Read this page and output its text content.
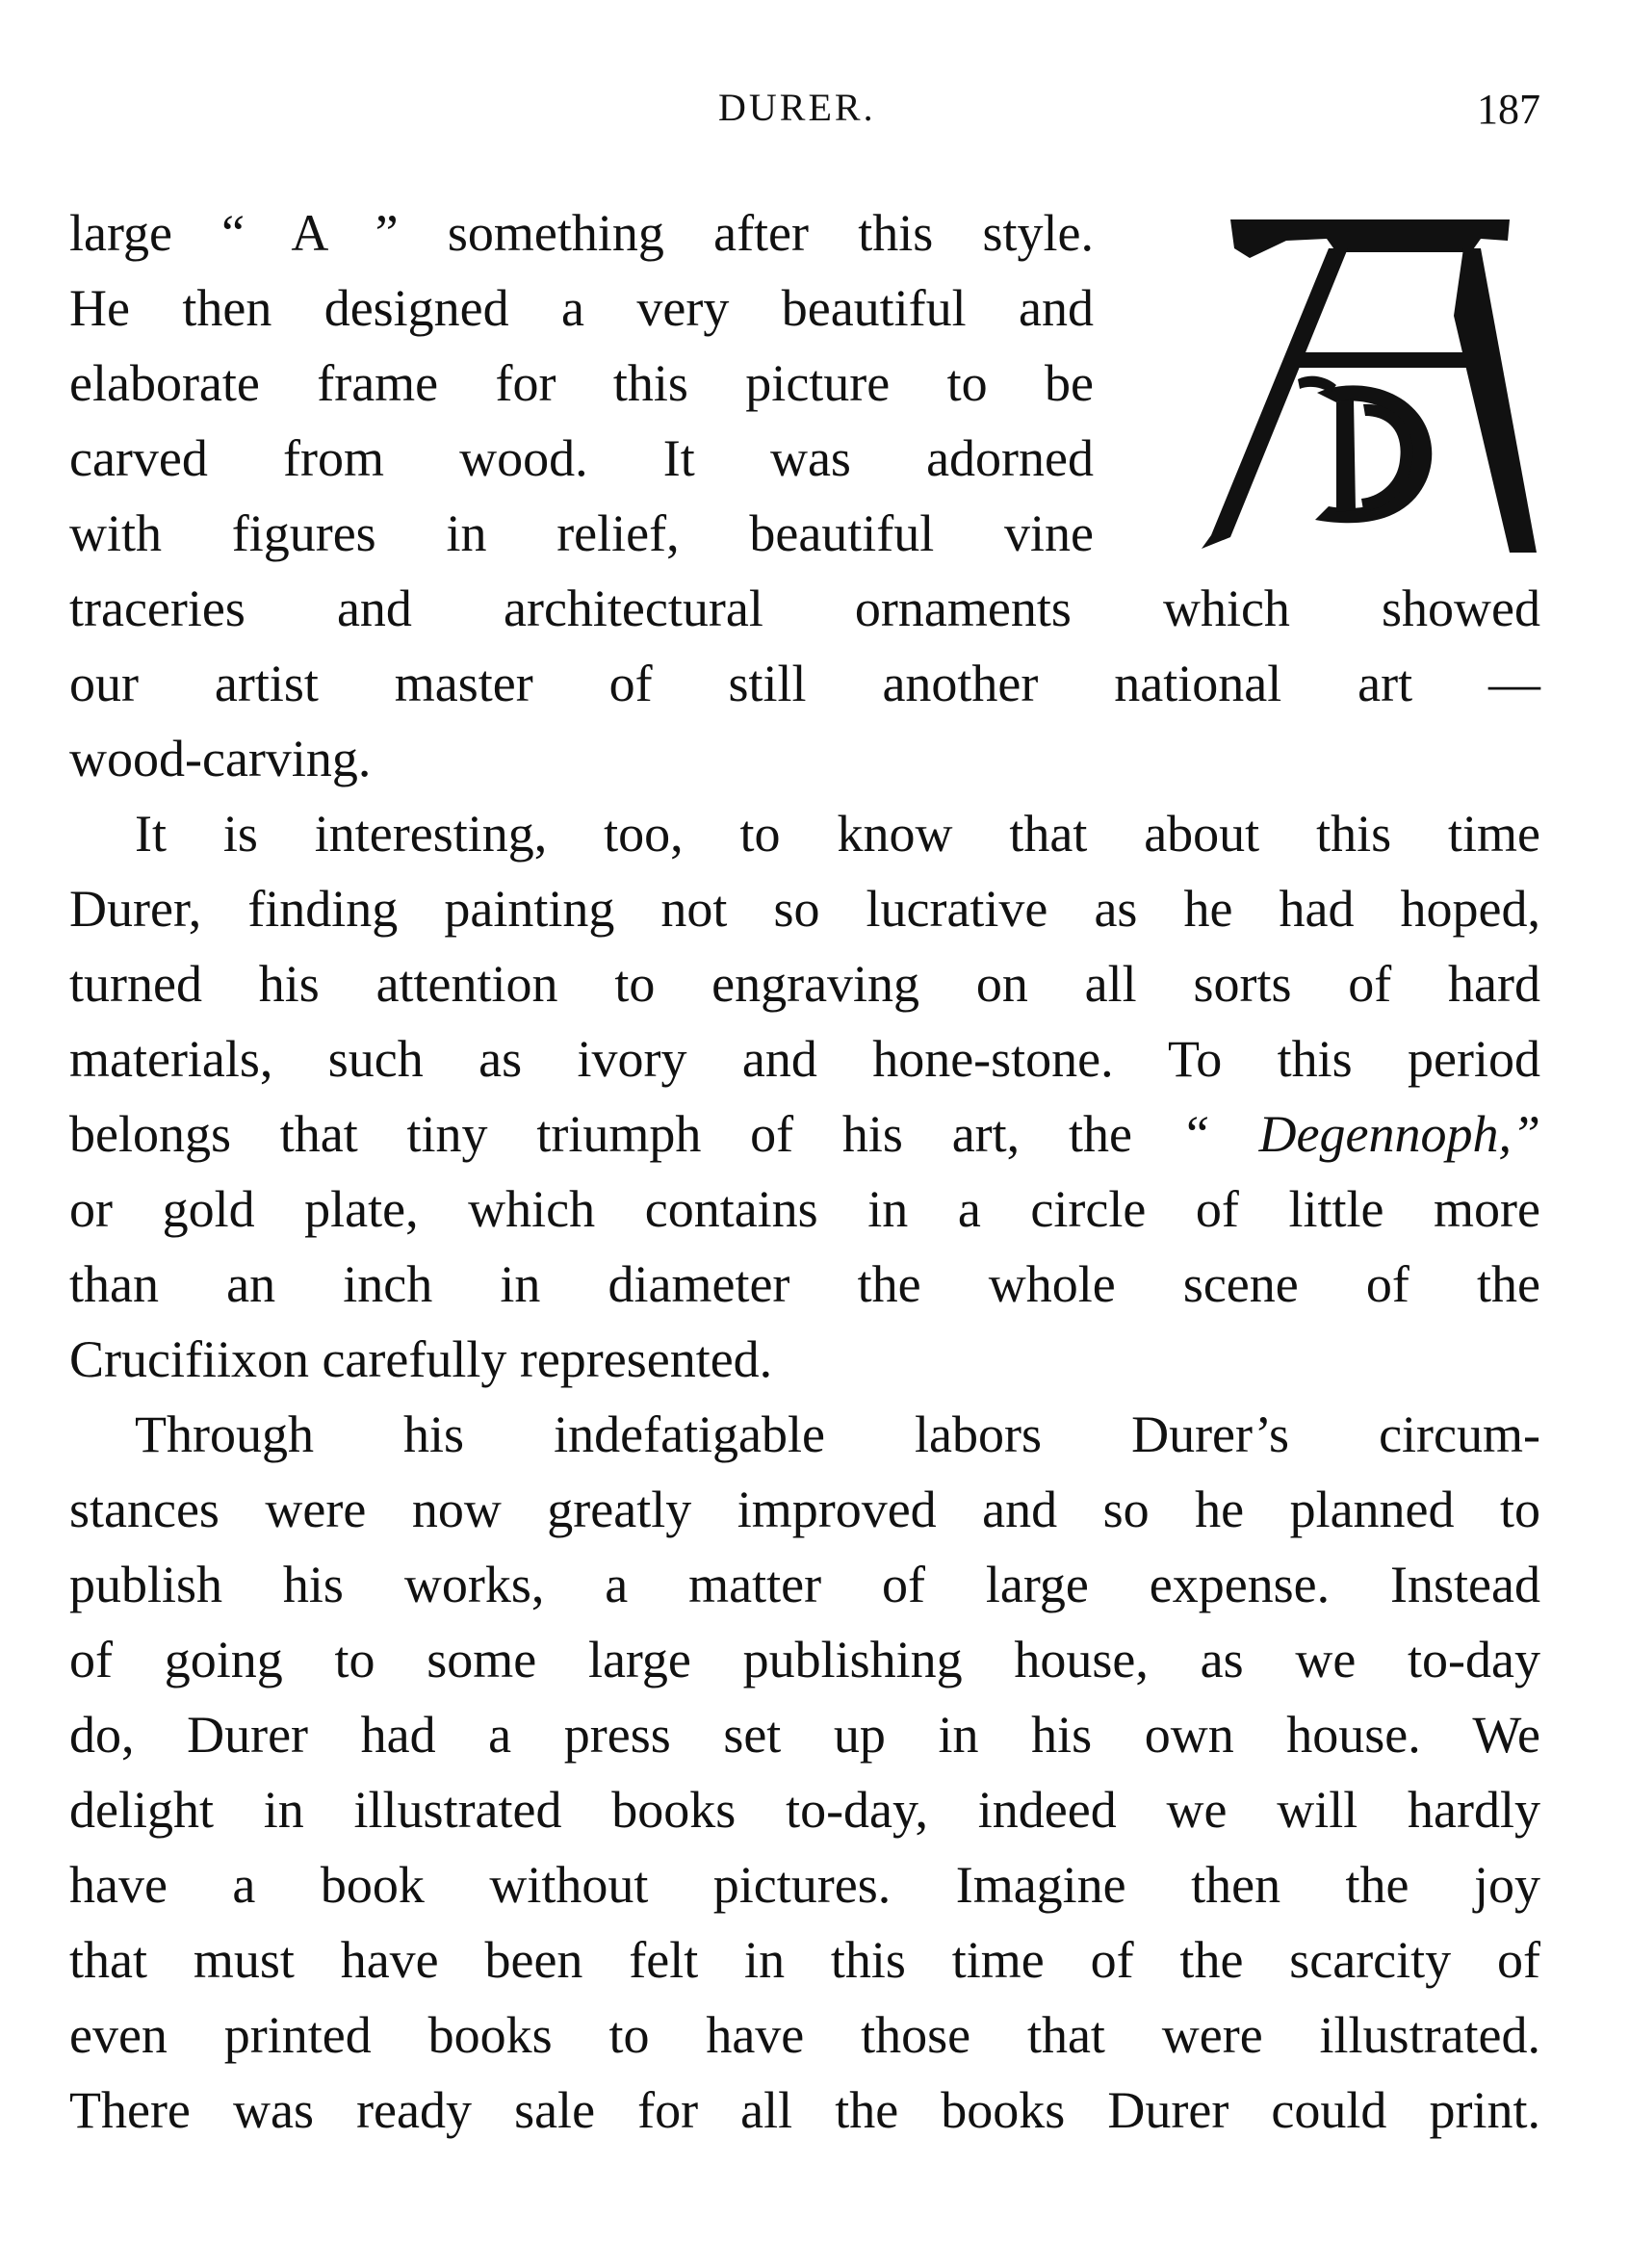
DURER.	187
large “ A ” something after this style.
He then designed a very beautiful and
elaborate frame for this picture to be
carved from wood. It was adorned
with figures in relief, beautiful vine
traceries and architectural ornaments which showed
our artist master of still another national art —
wood-carving.
It is interesting, too, to know that about this time
Durer, finding painting not so lucrative as he had hoped,
turned his attention to engraving on all sorts of hard
materials, such as ivory and hone-stone. To this period
belongs that tiny triumph of his art, the “ Degennoph,”
or gold plate, which contains in a circle of little more
than an inch in diameter the whole scene of the
Crucifiixon carefully represented.
Through his indefatigable labors Durer’s circum-
stances were now greatly improved and so he planned to
publish his works, a matter of large expense. Instead
of going to some large publishing house, as we to-day
do, Durer had a press set up in his own house. We
delight in illustrated books to-day, indeed we will hardly
have a book without pictures. Imagine then the joy
that must have been felt in this time of the scarcity of
even printed books to have those that were illustrated.
There was ready sale for all the books Durer could print.
